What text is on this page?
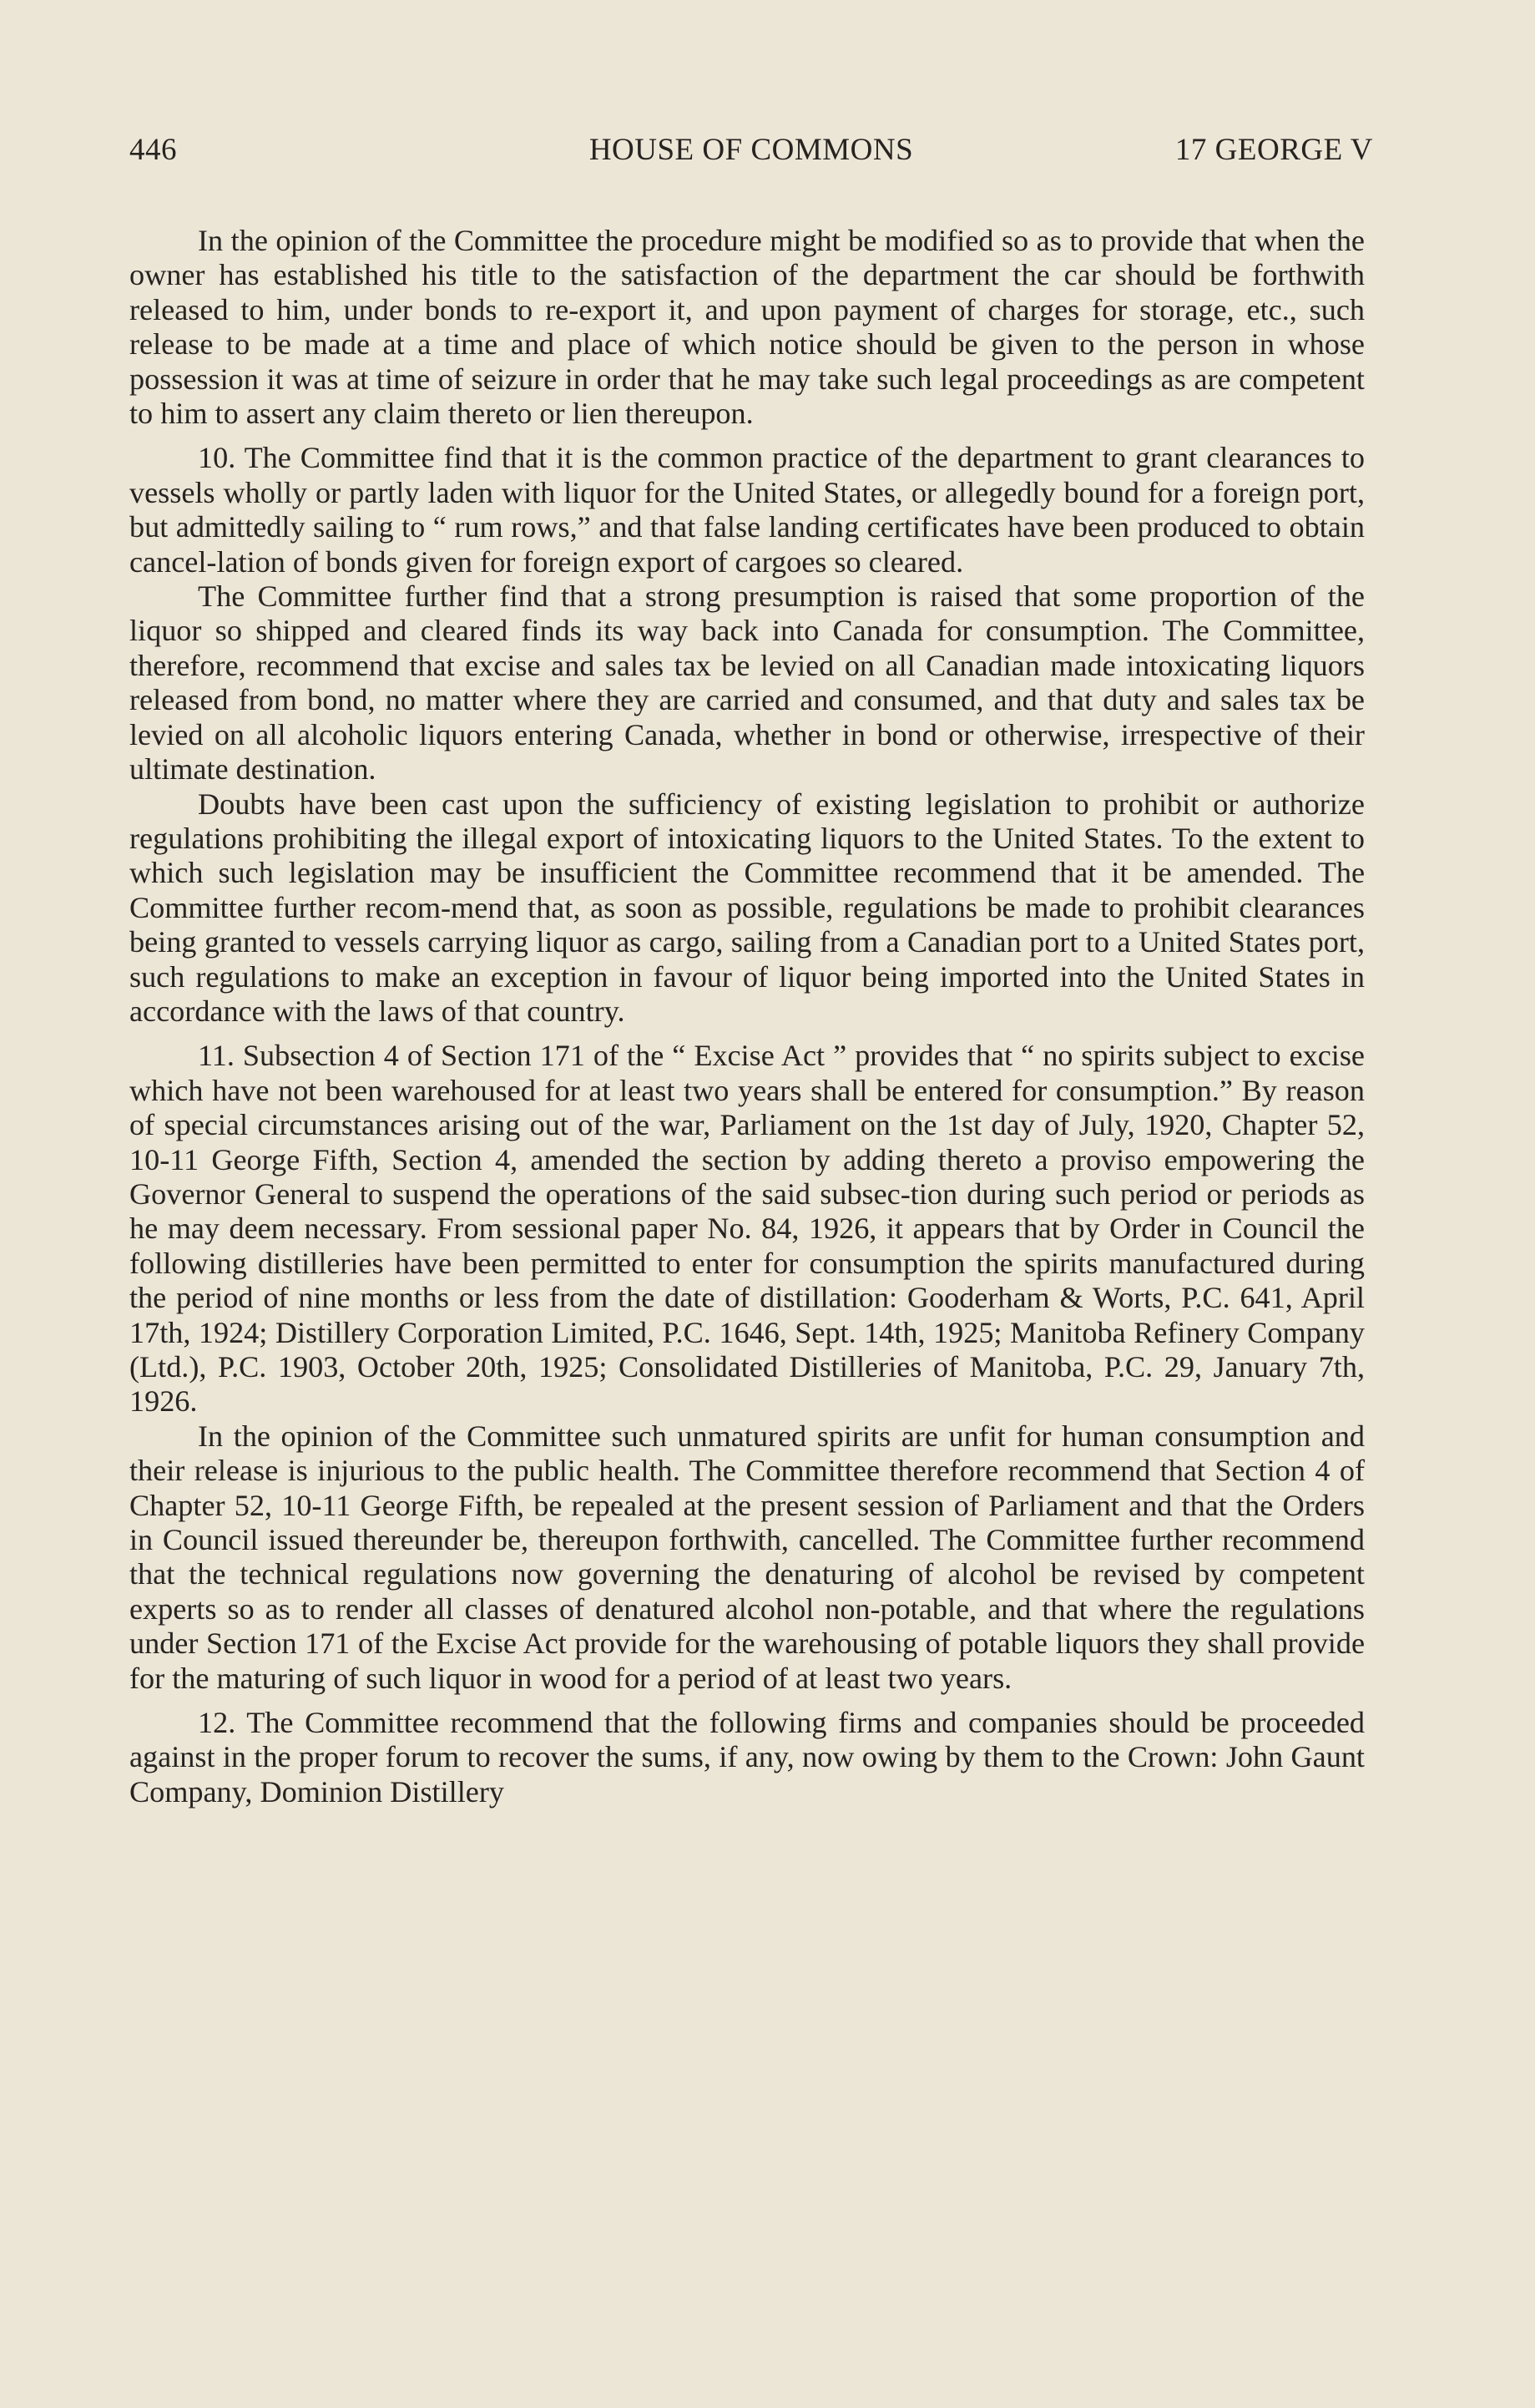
446	HOUSE OF COMMONS	17 GEORGE V

In the opinion of the Committee the procedure might be modified so as to provide that when the owner has established his title to the satisfaction of the department the car should be forthwith released to him, under bonds to re-export it, and upon payment of charges for storage, etc., such release to be made at a time and place of which notice should be given to the person in whose possession it was at time of seizure in order that he may take such legal proceedings as are competent to him to assert any claim thereto or lien thereupon.

10. The Committee find that it is the common practice of the department to grant clearances to vessels wholly or partly laden with liquor for the United States, or allegedly bound for a foreign port, but admittedly sailing to “ rum rows,” and that false landing certificates have been produced to obtain cancel-lation of bonds given for foreign export of cargoes so cleared.

The Committee further find that a strong presumption is raised that some proportion of the liquor so shipped and cleared finds its way back into Canada for consumption. The Committee, therefore, recommend that excise and sales tax be levied on all Canadian made intoxicating liquors released from bond, no matter where they are carried and consumed, and that duty and sales tax be levied on all alcoholic liquors entering Canada, whether in bond or otherwise, irrespective of their ultimate destination.

Doubts have been cast upon the sufficiency of existing legislation to prohibit or authorize regulations prohibiting the illegal export of intoxicating liquors to the United States. To the extent to which such legislation may be insufficient the Committee recommend that it be amended. The Committee further recom-mend that, as soon as possible, regulations be made to prohibit clearances being granted to vessels carrying liquor as cargo, sailing from a Canadian port to a United States port, such regulations to make an exception in favour of liquor being imported into the United States in accordance with the laws of that country.

11. Subsection 4 of Section 171 of the “ Excise Act ” provides that “ no spirits subject to excise which have not been warehoused for at least two years shall be entered for consumption.” By reason of special circumstances arising out of the war, Parliament on the 1st day of July, 1920, Chapter 52, 10-11 George Fifth, Section 4, amended the section by adding thereto a proviso empowering the Governor General to suspend the operations of the said subsec-tion during such period or periods as he may deem necessary. From sessional paper No. 84, 1926, it appears that by Order in Council the following distilleries have been permitted to enter for consumption the spirits manufactured during the period of nine months or less from the date of distillation: Gooderham & Worts, P.C. 641, April 17th, 1924; Distillery Corporation Limited, P.C. 1646, Sept. 14th, 1925; Manitoba Refinery Company (Ltd.), P.C. 1903, October 20th, 1925; Consolidated Distilleries of Manitoba, P.C. 29, January 7th, 1926.

In the opinion of the Committee such unmatured spirits are unfit for human consumption and their release is injurious to the public health. The Committee therefore recommend that Section 4 of Chapter 52, 10-11 George Fifth, be repealed at the present session of Parliament and that the Orders in Council issued thereunder be, thereupon forthwith, cancelled. The Committee further recommend that the technical regulations now governing the denaturing of alcohol be revised by competent experts so as to render all classes of denatured alcohol non-potable, and that where the regulations under Section 171 of the Excise Act provide for the warehousing of potable liquors they shall provide for the maturing of such liquor in wood for a period of at least two years.

12. The Committee recommend that the following firms and companies should be proceeded against in the proper forum to recover the sums, if any, now owing by them to the Crown: John Gaunt Company, Dominion Distillery
